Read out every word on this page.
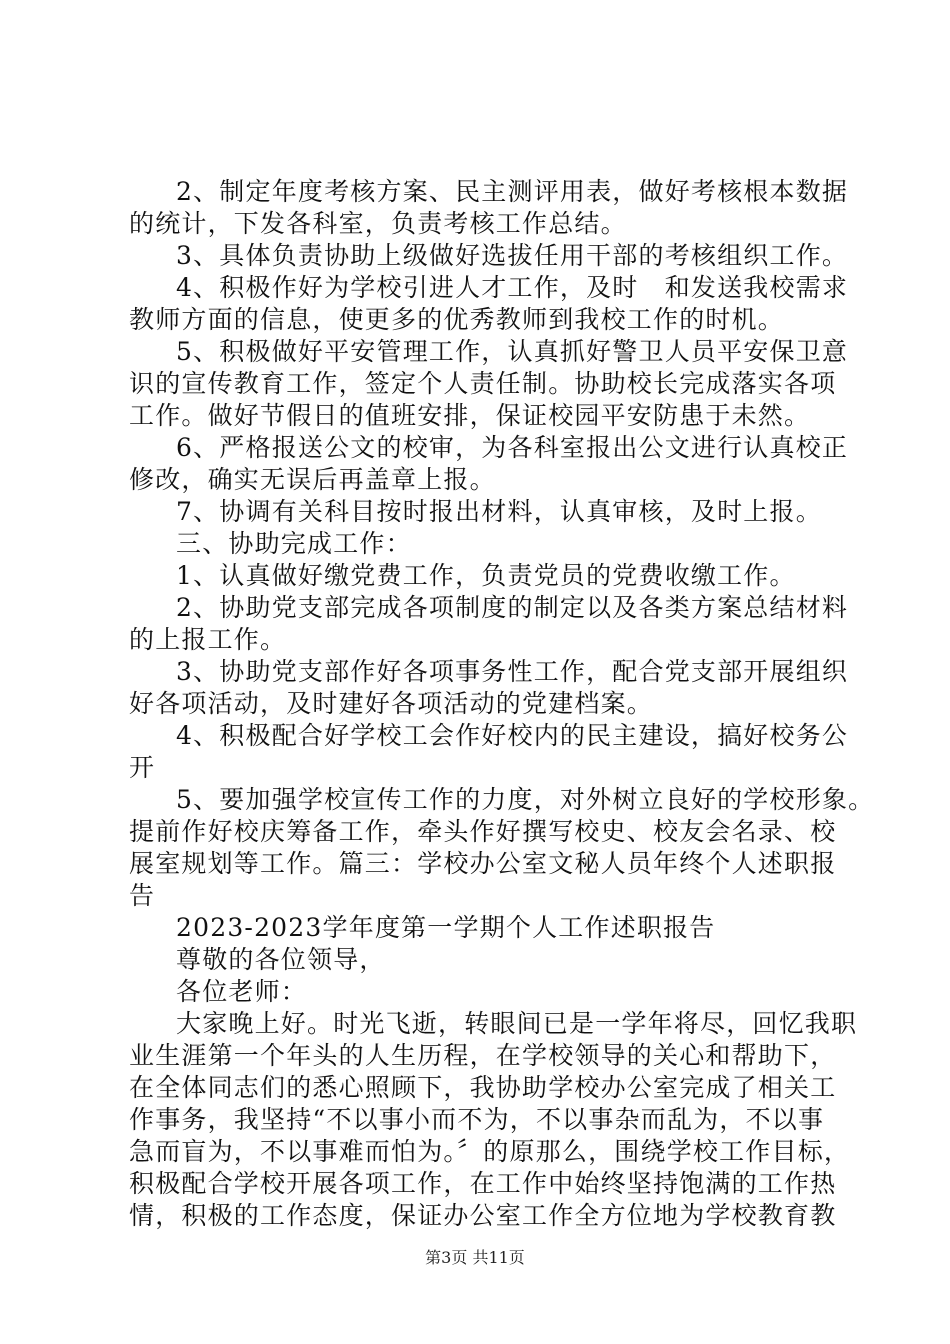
2、制定年度考核方案、民主测评用表，做好考核根本数据
的统计，下发各科室，负责考核工作总结。
3、具体负责协助上级做好选拔任用干部的考核组织工作。
4、积极作好为学校引进人才工作，及时　和发送我校需求
教师方面的信息，使更多的优秀教师到我校工作的时机。
5、积极做好平安管理工作，认真抓好警卫人员平安保卫意
识的宣传教育工作，签定个人责任制。协助校长完成落实各项
工作。做好节假日的值班安排，保证校园平安防患于未然。
6、严格报送公文的校审，为各科室报出公文进行认真校正
修改，确实无误后再盖章上报。
7、协调有关科目按时报出材料，认真审核，及时上报。
三、协助完成工作：
1、认真做好缴党费工作，负责党员的党费收缴工作。
2、协助党支部完成各项制度的制定以及各类方案总结材料
的上报工作。
3、协助党支部作好各项事务性工作，配合党支部开展组织
好各项活动，及时建好各项活动的党建档案。
4、积极配合好学校工会作好校内的民主建设，搞好校务公
开
5、要加强学校宣传工作的力度，对外树立良好的学校形象。
提前作好校庆筹备工作，牵头作好撰写校史、校友会名录、校
展室规划等工作。篇三：学校办公室文秘人员年终个人述职报
告
2023-2023学年度第一学期个人工作述职报告
尊敬的各位领导，
各位老师：
大家晚上好。时光飞逝，转眼间已是一学年将尽，回忆我职
业生涯第一个年头的人生历程，在学校领导的关心和帮助下，
在全体同志们的悉心照顾下，我协助学校办公室完成了相关工
作事务，我坚持“不以事小而不为，不以事杂而乱为，不以事
急而盲为，不以事难而怕为。〞的原那么，围绕学校工作目标，
积极配合学校开展各项工作，在工作中始终坚持饱满的工作热
情，积极的工作态度，保证办公室工作全方位地为学校教育教
第3页 共11页
